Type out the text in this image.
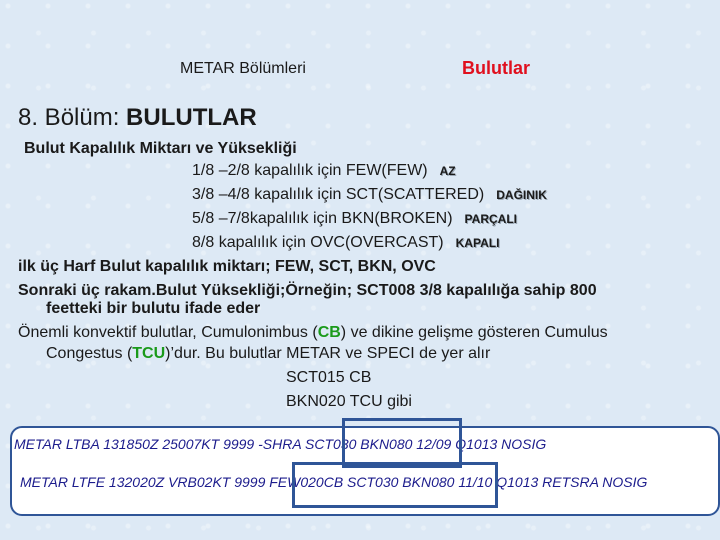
METAR Bölümleri	Bulutlar
8. Bölüm: BULUTLAR
Bulut Kapalılık Miktarı ve Yüksekliği
1/8 –2/8 kapalılık için FEW(FEW) AZ
3/8 –4/8 kapalılık için SCT(SCATTERED) DAĞINIK
5/8 –7/8kapalılık için BKN(BROKEN) PARÇALI
8/8 kapalılık için OVC(OVERCAST) KAPALI
ilk üç Harf Bulut kapalılık miktarı; FEW, SCT, BKN, OVC
Sonraki üç rakam.Bulut Yüksekliği;Örneğin; SCT008 3/8 kapalılığa sahip 800
feetteki bir bulutu ifade eder
Önemli konvektif bulutlar, Cumulonimbus (CB) ve dikine gelişme gösteren Cumulus
Congestus (TCU)’dur. Bu bulutlar METAR ve SPECI de yer alır
SCT015 CB
BKN020 TCU gibi
METAR LTBA 131850Z 25007KT 9999 -SHRA SCT030 BKN080 12/09 Q1013 NOSIG
METAR LTFE 132020Z VRB02KT 9999 FEW020CB SCT030 BKN080 11/10 Q1013 RETSRA NOSIG
